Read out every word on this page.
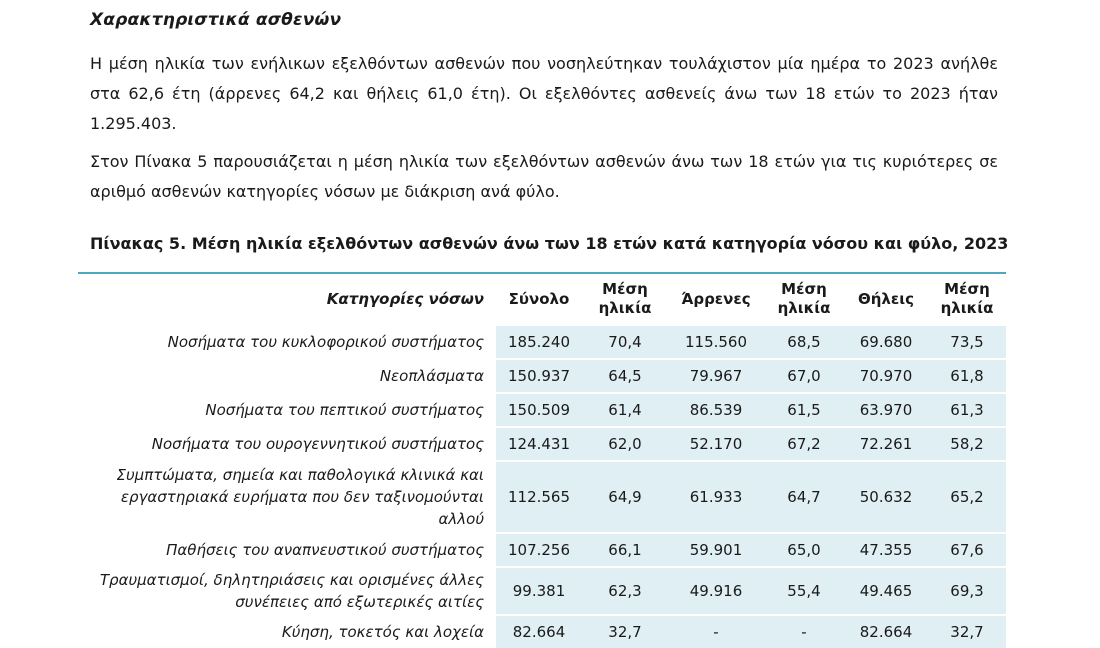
Χαρακτηριστικά ασθενών

Η μέση ηλικία των ενήλικων εξελθόντων ασθενών που νοσηλεύτηκαν τουλάχιστον μία ημέρα το 2023 ανήλθε στα 62,6 έτη (άρρενες 64,2 και θήλεις 61,0 έτη). Οι εξελθόντες ασθενείς άνω των 18 ετών το 2023 ήταν 1.295.403.

Στον Πίνακα 5 παρουσιάζεται η μέση ηλικία των εξελθόντων ασθενών άνω των 18 ετών για τις κυριότερες σε αριθμό ασθενών κατηγορίες νόσων με διάκριση ανά φύλο.

Πίνακας 5. Μέση ηλικία εξελθόντων ασθενών άνω των 18 ετών κατά κατηγορία νόσου και φύλο, 2023
Κατηγορίες νόσων	Σύνολο	Μέση ηλικία	Άρρενες	Μέση ηλικία	Θήλεις	Μέση ηλικία
Νοσήματα του κυκλοφορικού συστήματος	185.240	70,4	115.560	68,5	69.680	73,5
Νεοπλάσματα	150.937	64,5	79.967	67,0	70.970	61,8
Νοσήματα του πεπτικού συστήματος	150.509	61,4	86.539	61,5	63.970	61,3
Νοσήματα του ουρογεννητικού συστήματος	124.431	62,0	52.170	67,2	72.261	58,2
Συμπτώματα, σημεία και παθολογικά κλινικά και εργαστηριακά ευρήματα που δεν ταξινομούνται αλλού	112.565	64,9	61.933	64,7	50.632	65,2
Παθήσεις του αναπνευστικού συστήματος	107.256	66,1	59.901	65,0	47.355	67,6
Τραυματισμοί, δηλητηριάσεις και ορισμένες άλλες συνέπειες από εξωτερικές αιτίες	99.381	62,3	49.916	55,4	49.465	69,3
Κύηση, τοκετός και λοχεία	82.664	32,7	-	-	82.664	32,7
